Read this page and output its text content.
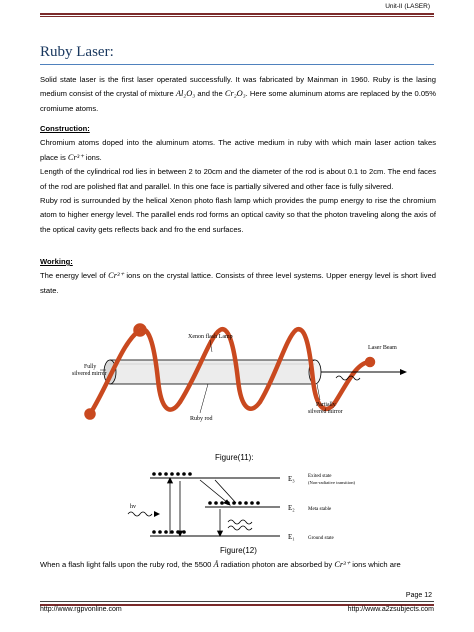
Unit-II (LASER)
Ruby Laser:
Solid state laser is the first laser operated successfully. It was fabricated by Mainman in 1960. Ruby is the lasing medium consist of the crystal of mixture Al₂O₃ and the Cr₂O₃. Here some aluminum atoms are replaced by the 0.05% cromiume atoms.
Construction:
Chromium atoms doped into the aluminum atoms. The active medium in ruby with which main laser action takes place is Cr³⁺ ions.
Length of the cylindrical rod lies in between 2 to 20cm and the diameter of the rod is about 0.1 to 2cm. The end faces of the rod are polished flat and parallel. In this one face is partially silvered and other face is fully silvered.
Ruby rod is surrounded by the helical Xenon photo flash lamp which provides the pump energy to rise the chromium atom to higher energy level. The parallel ends rod forms an optical cavity so that the photon traveling along the axis of the optical cavity gets reflects back and fro the end surfaces.
Working:
The energy level of Cr³⁺ ions on the crystal lattice. Consists of three level systems. Upper energy level is short lived state.
Xenon flash Lamp
Fully
silvered mirror
Ruby rod
Partially
silvered mirror
Laser Beam
Figure(11):
hv
E₃
E₂
E₁
Exited state
(Non-radiative transition)
Meta stable
Ground state
Figure(12)
When a flash light falls upon the ruby rod, the 5500 Å radiation photon are absorbed by Cr³⁺ ions which are
Page 12
http://www.rgpvonline.com	http://www.a2zsubjects.com
